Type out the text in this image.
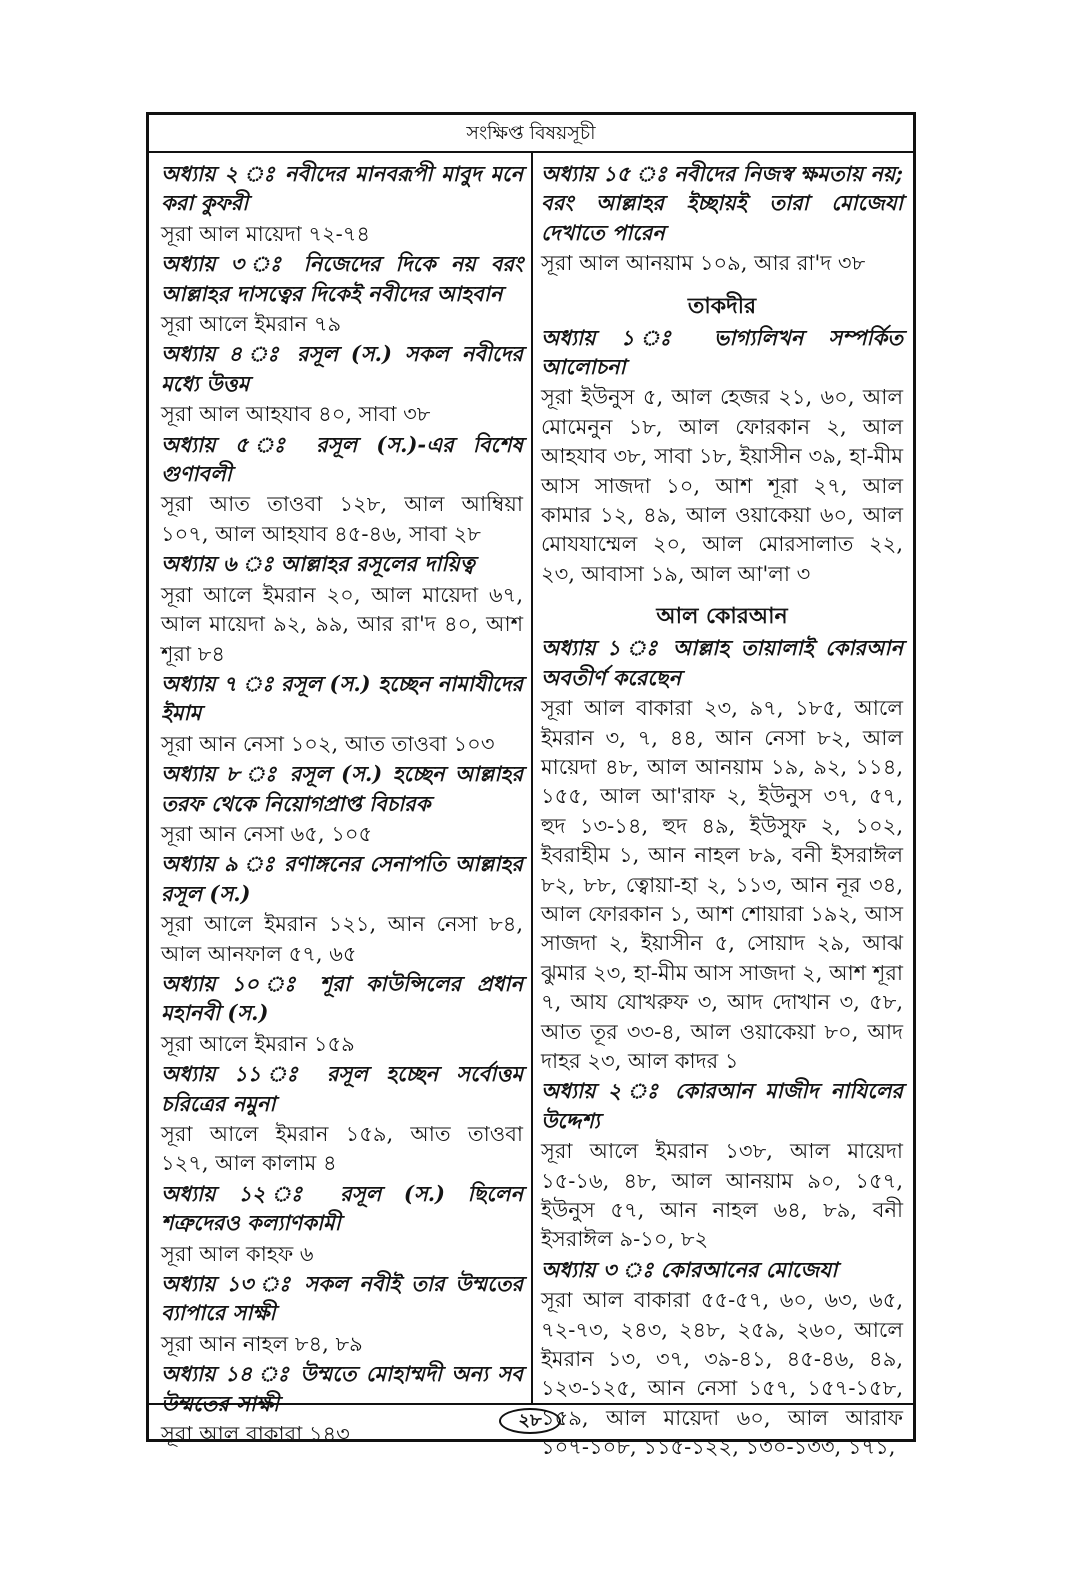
সংক্ষিপ্ত বিষয়সূচী

অধ্যায় ২ ঃ নবীদের মানবরূপী মাবুদ মনে করা কুফরী

সূরা আল মায়েদা ৭২-৭৪

অধ্যায় ৩ ঃ নিজেদের দিকে নয় বরং আল্লাহর দাসত্বের দিকেই নবীদের আহবান

সূরা আলে ইমরান ৭৯

অধ্যায় ৪ ঃ রসূল (স.) সকল নবীদের মধ্যে উত্তম

সূরা আল আহযাব ৪০, সাবা ৩৮

অধ্যায় ৫ ঃ রসূল (স.)-এর বিশেষ গুণাবলী

সূরা আত তাওবা ১২৮, আল আম্বিয়া ১০৭, আল আহযাব ৪৫-৪৬, সাবা ২৮

অধ্যায় ৬ ঃ আল্লাহর রসূলের দায়িত্ব

সূরা আলে ইমরান ২০, আল মায়েদা ৬৭, আল মায়েদা ৯২, ৯৯, আর রা'দ ৪০, আশ শূরা ৮৪

অধ্যায় ৭ ঃ রসূল (স.) হচ্ছেন নামাযীদের ইমাম

সূরা আন নেসা ১০২, আত তাওবা ১০৩

অধ্যায় ৮ ঃ রসূল (স.) হচ্ছেন আল্লাহর তরফ থেকে নিয়োগপ্রাপ্ত বিচারক

সূরা আন নেসা ৬৫, ১০৫

অধ্যায় ৯ ঃ রণাঙ্গনের সেনাপতি আল্লাহর রসূল (স.)

সূরা আলে ইমরান ১২১, আন নেসা ৮৪, আল আনফাল ৫৭, ৬৫

অধ্যায় ১০ ঃ শূরা কাউন্সিলের প্রধান মহানবী (স.)

সূরা আলে ইমরান ১৫৯

অধ্যায় ১১ ঃ রসূল হচ্ছেন সর্বোত্তম চরিত্রের নমুনা

সূরা আলে ইমরান ১৫৯, আত তাওবা ১২৭, আল কালাম ৪

অধ্যায় ১২ ঃ রসূল (স.) ছিলেন শত্রুদেরও কল্যাণকামী

সূরা আল কাহফ ৬

অধ্যায় ১৩ ঃ সকল নবীই তার উম্মতের ব্যাপারে সাক্ষী

সূরা আন নাহল ৮৪, ৮৯

অধ্যায় ১৪ ঃ উম্মতে মোহাম্মদী অন্য সব উম্মতের সাক্ষী

সূরা আল বাকারা ১৪৩

অধ্যায় ১৫ ঃ নবীদের নিজস্ব ক্ষমতায় নয়; বরং আল্লাহর ইচ্ছায়ই তারা মোজেযা দেখাতে পারেন

সূরা আল আনয়াম ১০৯, আর রা'দ ৩৮

তাকদীর

অধ্যায় ১ ঃ ভাগ্যলিখন সম্পর্কিত আলোচনা

সূরা ইউনুস ৫, আল হেজর ২১, ৬০, আল মোমেনুন ১৮, আল ফোরকান ২, আল আহযাব ৩৮, সাবা ১৮, ইয়াসীন ৩৯, হা-মীম আস সাজদা ১০, আশ শূরা ২৭, আল কামার ১২, ৪৯, আল ওয়াকেয়া ৬০, আল মোযযাম্মেল ২০, আল মোরসালাত ২২, ২৩, আবাসা ১৯, আল আ'লা ৩

আল কোরআন

অধ্যায় ১ ঃ আল্লাহ তায়ালাই কোরআন অবতীর্ণ করেছেন

সূরা আল বাকারা ২৩, ৯৭, ১৮৫, আলে ইমরান ৩, ৭, ৪৪, আন নেসা ৮২, আল মায়েদা ৪৮, আল আনয়াম ১৯, ৯২, ১১৪, ১৫৫, আল আ'রাফ ২, ইউনুস ৩৭, ৫৭, হুদ ১৩-১৪, হুদ ৪৯, ইউসুফ ২, ১০২, ইবরাহীম ১, আন নাহল ৮৯, বনী ইসরাঈল ৮২, ৮৮, ত্বোয়া-হা ২, ১১৩, আন নূর ৩৪, আল ফোরকান ১, আশ শোয়ারা ১৯২, আস সাজদা ২, ইয়াসীন ৫, সোয়াদ ২৯, আঝ ঝুমার ২৩, হা-মীম আস সাজদা ২, আশ শূরা ৭, আয যোখরুফ ৩, আদ দোখান ৩, ৫৮, আত তূর ৩৩-৪, আল ওয়াকেয়া ৮০, আদ দাহর ২৩, আল কাদর ১

অধ্যায় ২ ঃ কোরআন মাজীদ নাযিলের উদ্দেশ্য

সূরা আলে ইমরান ১৩৮, আল মায়েদা ১৫-১৬, ৪৮, আল আনয়াম ৯০, ১৫৭, ইউনুস ৫৭, আন নাহল ৬৪, ৮৯, বনী ইসরাঈল ৯-১০, ৮২

অধ্যায় ৩ ঃ কোরআনের মোজেযা

সূরা আল বাকারা ৫৫-৫৭, ৬০, ৬৩, ৬৫, ৭২-৭৩, ২৪৩, ২৪৮, ২৫৯, ২৬০, আলে ইমরান ১৩, ৩৭, ৩৯-৪১, ৪৫-৪৬, ৪৯, ১২৩-১২৫, আন নেসা ১৫৭, ১৫৭-১৫৮, ১৫৯, আল মায়েদা ৬০, আল আরাফ ১০৭-১০৮, ১১৫-১২২, ১৩০-১৩৩, ১৭১,

২৮
